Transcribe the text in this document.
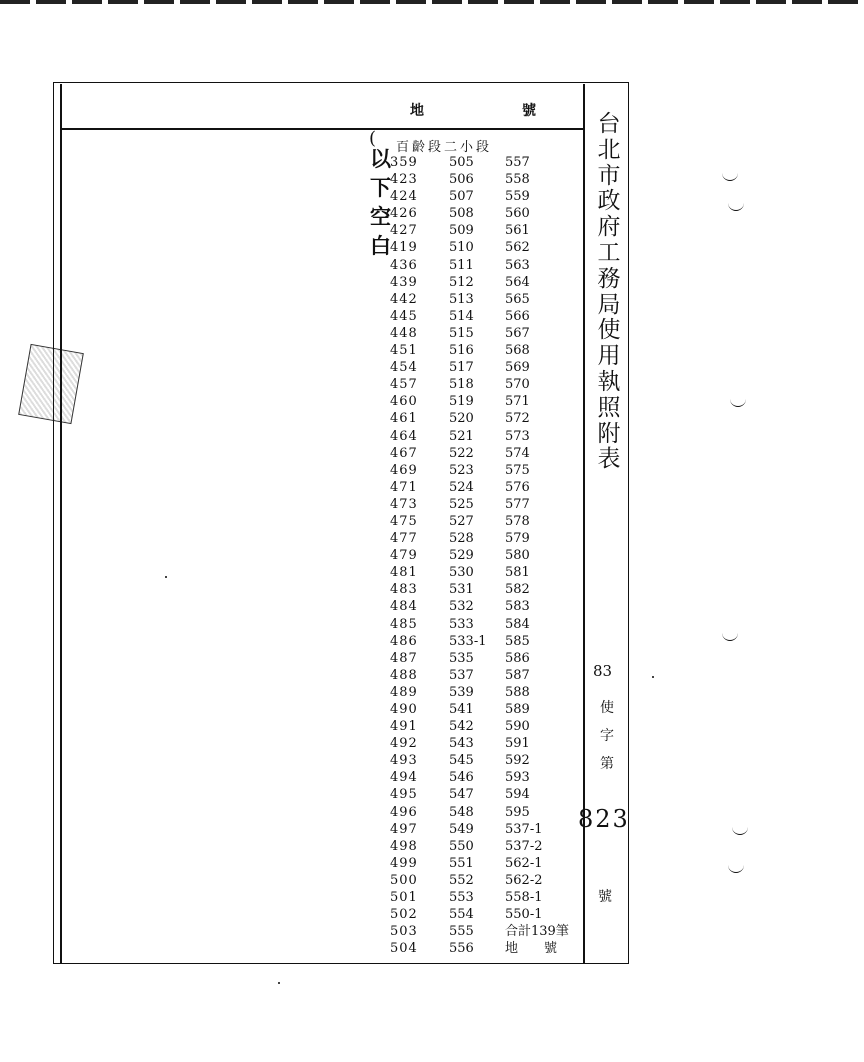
地	號
( 百齡段二小段
以
下
空
白
359
423
424
426
427
419
436
439
442
445
448
451
454
457
460
461
464
467
469
471
473
475
477
479
481
483
484
485
486
487
488
489
490
491
492
493
494
495
496
497
498
499
500
501
502
503
504
505
506
507
508
509
510
511
512
513
514
515
516
517
518
519
520
521
522
523
524
525
527
528
529
530
531
532
533
533-1
535
537
539
541
542
543
545
546
547
548
549
550
551
552
553
554
555
556
557
558
559
560
561
562
563
564
565
566
567
568
569
570
571
572
573
574
575
576
577
578
579
580
581
582
583
584
585
586
587
588
589
590
591
592
593
594
595
537-1
537-2
562-1
562-2
558-1
550-1
合計139筆
地　　號
台
北
市
政
府
工
務
局
使
用
執
照
附
表
83
使
字
第
823
號
